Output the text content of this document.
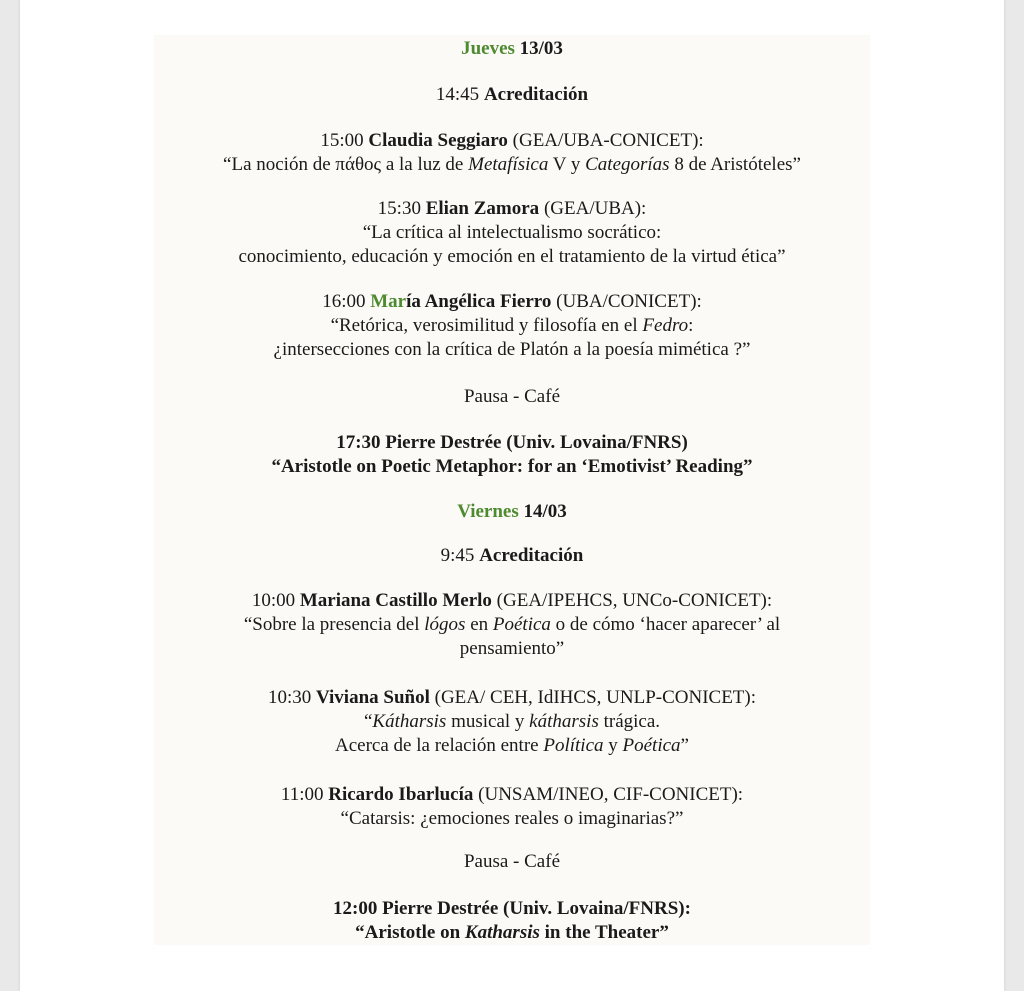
Jueves 13/03
14:45 Acreditación
15:00 Claudia Seggiaro (GEA/UBA-CONICET):
“La noción de πάθος a la luz de Metafísica V y Categorías 8 de Aristóteles”
15:30 Elian Zamora (GEA/UBA):
“La crítica al intelectualismo socrático:
conocimiento, educación y emoción en el tratamiento de la virtud ética”
16:00 María Angélica Fierro (UBA/CONICET):
“Retórica, verosimilitud y filosofía en el Fedro:
¿intersecciones con la crítica de Platón a la poesía mimética ?”
Pausa - Café
17:30 Pierre Destrée (Univ. Lovaina/FNRS)
“Aristotle on Poetic Metaphor: for an ‘Emotivist’ Reading”
Viernes 14/03
9:45 Acreditación
10:00 Mariana Castillo Merlo (GEA/IPEHCS, UNCo-CONICET):
“Sobre la presencia del lógos en Poética o de cómo ‘hacer aparecer’ al
pensamiento”
10:30 Viviana Suñol (GEA/ CEH, IdIHCS, UNLP-CONICET):
“Kátharsis musical y kátharsis trágica.
Acerca de la relación entre Política y Poética”
11:00 Ricardo Ibarlucía (UNSAM/INEO, CIF-CONICET):
“Catarsis: ¿emociones reales o imaginarias?”
Pausa - Café
12:00 Pierre Destrée (Univ. Lovaina/FNRS):
“Aristotle on Katharsis in the Theater”
